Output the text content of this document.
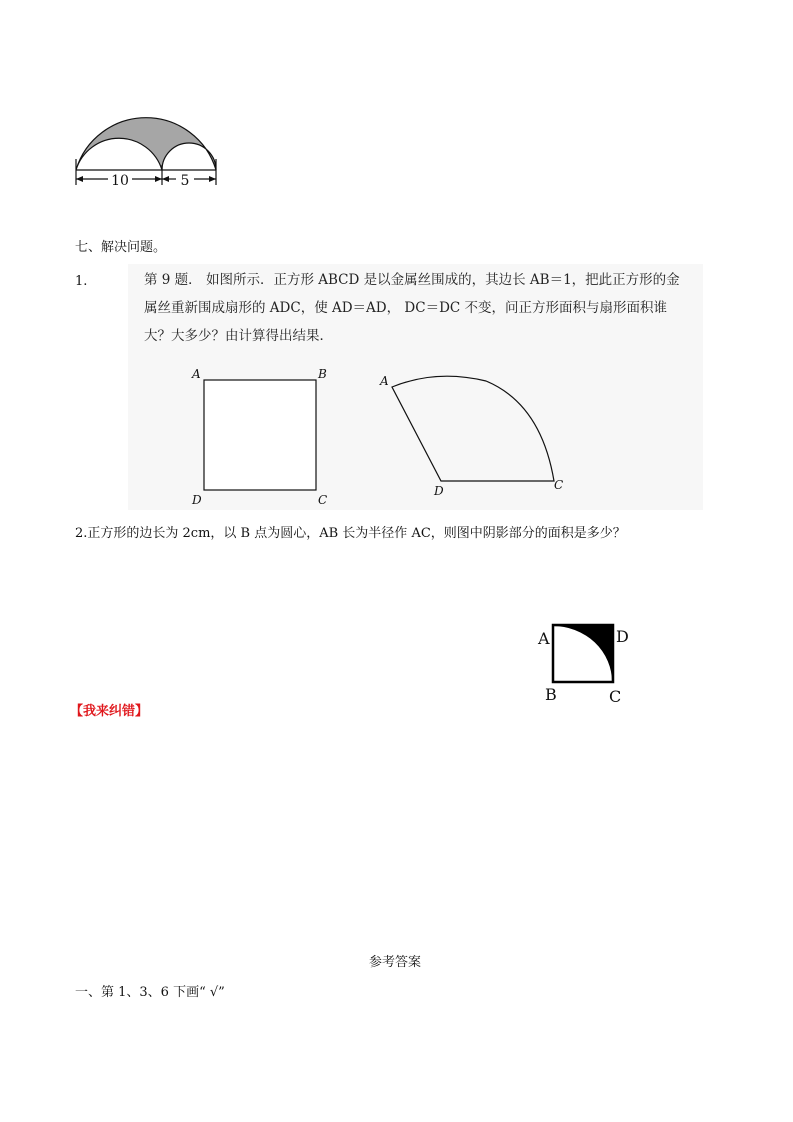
10	5
七、解决问题。
1.	第 9 题． 如图所示．正方形 ABCD 是以金属丝围成的，其边长 AB＝1，把此正方形的金
属丝重新围成扇形的 ADC，使 AD＝AD， DC＝DC 不变，问正方形面积与扇形面积谁
大？大多少？由计算得出结果．
A	B
D	C
A
D	C
2.正方形的边长为 2cm，以 B 点为圆心，AB 长为半径作 AC，则图中阴影部分的面积是多少？
A	D
B	C
【我来纠错】
参考答案
一、第 1、3、6 下画“ √”
